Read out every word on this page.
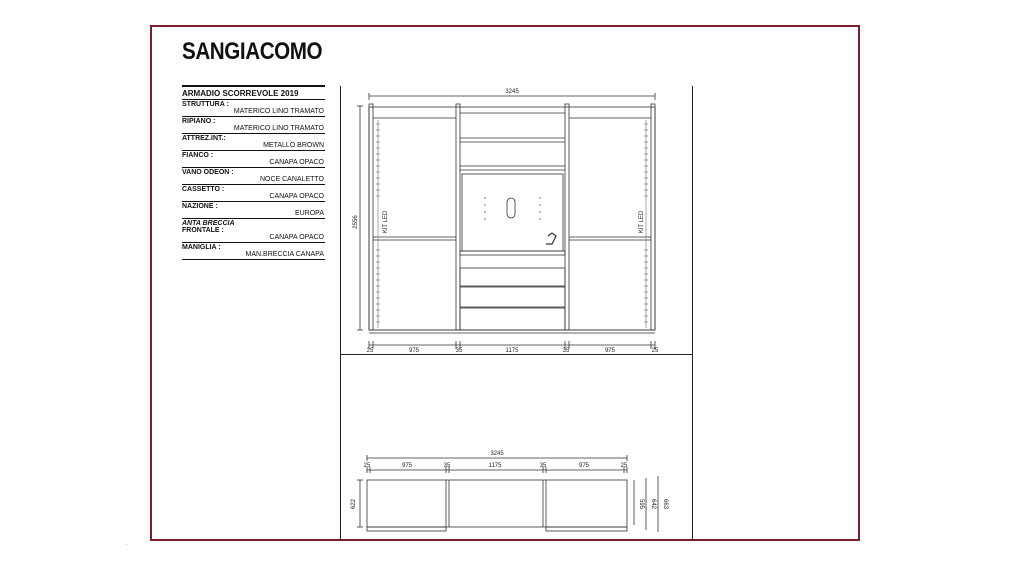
SANGIACOMO
ARMADIO SCORREVOLE 2019
STRUTTURA :
MATERICO LINO TRAMATO
RIPIANO :
MATERICO LINO TRAMATO
ATTREZ.INT.:
METALLO BROWN
FIANCO :
CANAPA OPACO
VANO ODEON :
NOCE CANALETTO
CASSETTO :
CANAPA OPACO
NAZIONE :
EUROPA
ANTA BRECCIA
FRONTALE :
CANAPA OPACO
MANIGLIA :
MAN.BRECCIA CANAPA
3245
2556	KIT LED	KIT LED
25	975	35	1175	35	975	25
3245
25	975	35	1175	35	975	25
622	595 642 663
.
